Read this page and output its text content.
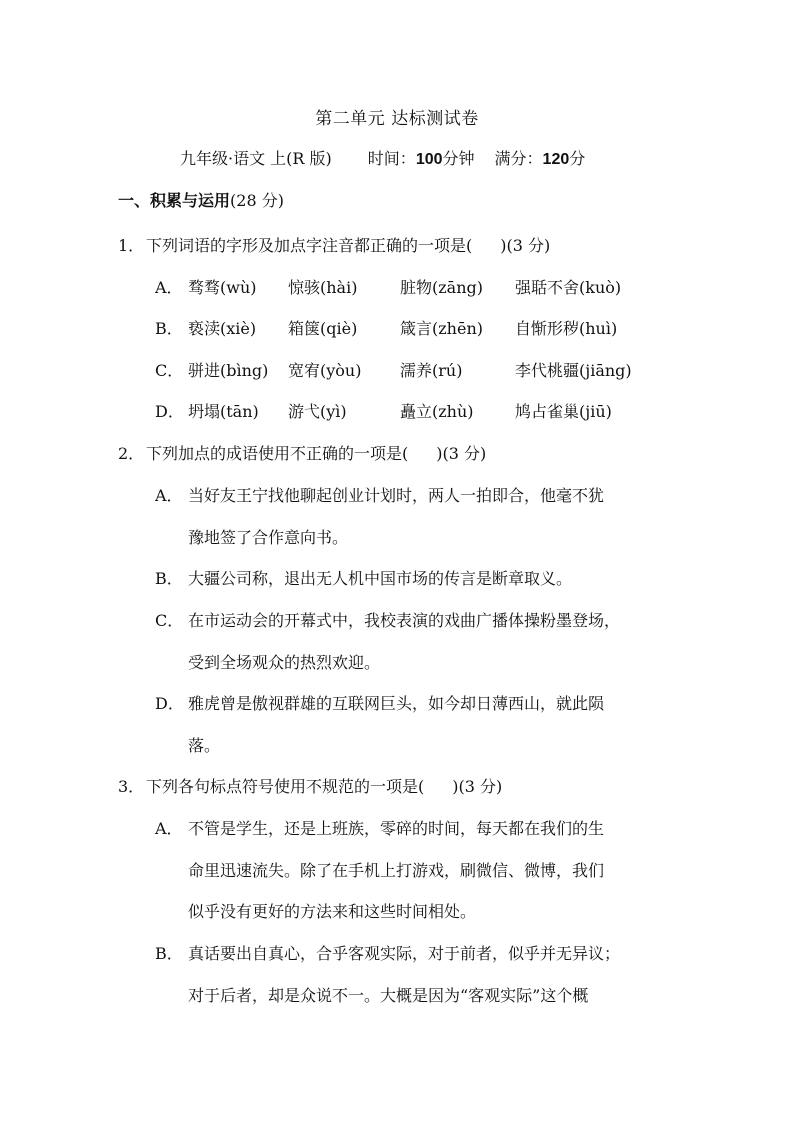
第二单元 达标测试卷
九年级·语文 上(R 版) 时间：100分钟 满分：120分
一、积累与运用(28 分)
1． 下列词语的字形及加点字注音都正确的一项是( )(3 分)
A． 骛骛(wù) 惊骇(hài)	脏物(zāng) 强聒不舍(kuò)
B． 亵渎(xiè) 箱箧(qiè)	箴言(zhēn) 自惭形秽(huì)
C． 骈进(bìng) 宽宥(yòu) 濡养(rú)	李代桃疆(jiāng)
D． 坍塌(tān) 游弋(yì)	矗立(zhù)	鸠占雀巢(jiū)
2． 下列加点的成语使用不正确的一项是( )(3 分)
A． 当好友王宁找他聊起创业计划时，两人一拍即合，他毫不犹
豫地签了合作意向书。
B． 大疆公司称，退出无人机中国市场的传言是断章取义。
C． 在市运动会的开幕式中，我校表演的戏曲广播体操粉墨登场，
受到全场观众的热烈欢迎。
D． 雅虎曾是傲视群雄的互联网巨头，如今却日薄西山，就此陨
落。
3． 下列各句标点符号使用不规范的一项是( )(3 分)
A． 不管是学生，还是上班族，零碎的时间，每天都在我们的生
命里迅速流失。除了在手机上打游戏，刷微信、微博，我们
似乎没有更好的方法来和这些时间相处。
B． 真话要出自真心，合乎客观实际，对于前者，似乎并无异议；
对于后者，却是众说不一。大概是因为“客观实际”这个概
